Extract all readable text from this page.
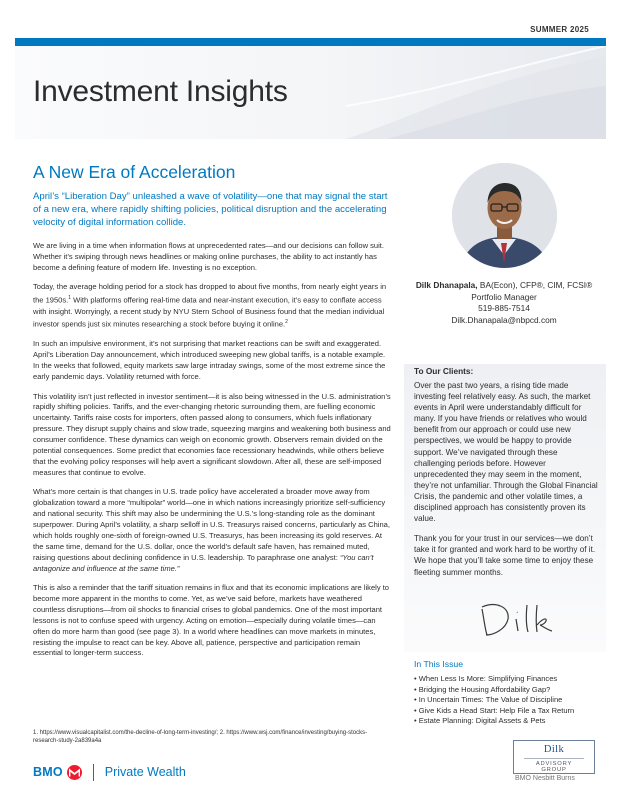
SUMMER 2025
Investment Insights
A New Era of Acceleration

April’s “Liberation Day” unleashed a wave of volatility—one that may signal the start of a new era, where rapidly shifting policies, political disruption and the accelerating velocity of digital information collide.

We are living in a time when information flows at unprecedented rates—and our decisions can follow suit. Whether it’s swiping through news headlines or making online purchases, the ability to act instantly has become a defining feature of modern life. Investing is no exception.

Today, the average holding period for a stock has dropped to about five months, from nearly eight years in the 1950s.$^1$ With platforms offering real-time data and near-instant execution, it’s easy to conflate access with insight. Worryingly, a recent study by NYU Stern School of Business found that the median individual investor spends just six minutes researching a stock before buying it online.$^2$

In such an impulsive environment, it’s not surprising that market reactions can be swift and exaggerated. April’s Liberation Day announcement, which introduced sweeping new global tariffs, is a notable example. In the weeks that followed, equity markets saw large intraday swings, some of the most extreme since the early pandemic days. Volatility returned with force.

This volatility isn’t just reflected in investor sentiment—it is also being witnessed in the U.S. administration’s rapidly shifting policies. Tariffs, and the ever-changing rhetoric surrounding them, are fuelling economic uncertainty. Tariffs raise costs for importers, often passed along to consumers, which fuels inflationary pressure. They disrupt supply chains and slow trade, squeezing margins and weakening both business and consumer confidence. These dynamics can weigh on economic growth. Observers remain divided on the potential consequences. Some predict that economies face recessionary headwinds, while others believe that the evolving policy responses will help avert a significant slowdown. After all, these are self-imposed measures that continue to evolve.

What’s more certain is that changes in U.S. trade policy have accelerated a broader move away from globalization toward a more “multipolar” world—one in which nations increasingly prioritize self-sufficiency and national security. This shift may also be undermining the U.S.’s long-standing role as the dominant superpower. During April’s volatility, a sharp selloff in U.S. Treasurys raised concerns, particularly as China, which holds roughly one-sixth of foreign-owned U.S. Treasurys, has been increasing its gold reserves. At the same time, demand for the U.S. dollar, once the world’s default safe haven, has remained muted, raising questions about declining confidence in U.S. leadership. To paraphrase one analyst: “You can’t antagonize and influence at the same time.”

This is also a reminder that the tariff situation remains in flux and that its economic implications are likely to become more apparent in the months to come. Yet, as we’ve said before, markets have weathered countless disruptions—from oil shocks to financial crises to global pandemics. One of the most important lessons is not to confuse speed with urgency. Acting on emotion—especially during volatile times—can often do more harm than good (see page 3). In a world where headlines can move markets in minutes, resisting the impulse to react can be key. Above all, patience, perspective and participation remain essential to longer-term success.

1. https://www.visualcapitalist.com/the-decline-of-long-term-investing/; 2. https://www.wsj.com/finance/investing/buying-stocks-research-study-2a839a4a
Dilk Dhanapala, BA(Econ), CFP®, CIM, FCSI®
Portfolio Manager
519-885-7514
Dilk.Dhanapala@nbpcd.com
To Our Clients:

Over the past two years, a rising tide made investing feel relatively easy. As such, the market events in April were understandably difficult for many. If you have friends or relatives who would benefit from our approach or could use new perspectives, we would be happy to provide support. We’ve navigated through these challenging periods before. However unprecedented they may seem in the moment, they’re not unfamiliar. Through the Global Financial Crisis, the pandemic and other volatile times, a disciplined approach has consistently proven its value.

Thank you for your trust in our services—we don’t take it for granted and work hard to be worthy of it. We hope that you’ll take some time to enjoy these fleeting summer months.

In This Issue
• When Less Is More: Simplifying Finances
• Bridging the Housing Affordability Gap?
• In Uncertain Times: The Value of Discipline
• Give Kids a Head Start: Help File a Tax Return
• Estate Planning: Digital Assets & Pets
Dilk
ADVISORY GROUP
BMO Nesbitt Burns
BMO	Private Wealth
